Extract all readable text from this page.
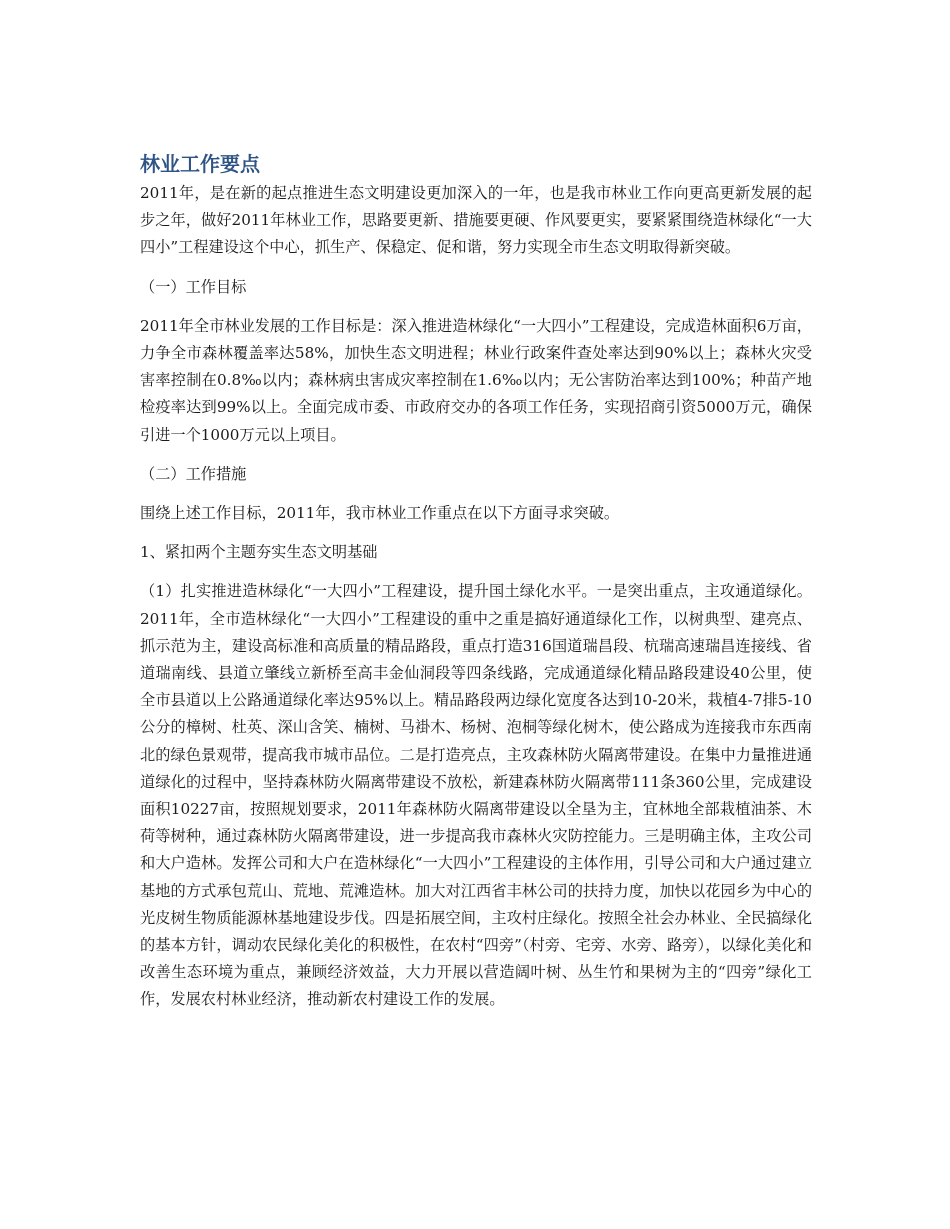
林业工作要点

2011年，是在新的起点推进生态文明建设更加深入的一年，也是我市林业工作向更高更新发展的起步之年，做好2011年林业工作，思路要更新、措施要更硬、作风要更实，要紧紧围绕造林绿化“一大四小”工程建设这个中心，抓生产、保稳定、促和谐，努力实现全市生态文明取得新突破。

（一）工作目标

2011年全市林业发展的工作目标是：深入推进造林绿化“一大四小”工程建设，完成造林面积6万亩，力争全市森林覆盖率达58%，加快生态文明进程；林业行政案件查处率达到90%以上；森林火灾受害率控制在0.8‰以内；森林病虫害成灾率控制在1.6‰以内；无公害防治率达到100%；种苗产地检疫率达到99%以上。全面完成市委、市政府交办的各项工作任务，实现招商引资5000万元，确保引进一个1000万元以上项目。

（二）工作措施

围绕上述工作目标，2011年，我市林业工作重点在以下方面寻求突破。

1、紧扣两个主题夯实生态文明基础

（1）扎实推进造林绿化“一大四小”工程建设，提升国土绿化水平。一是突出重点，主攻通道绿化。2011年，全市造林绿化“一大四小”工程建设的重中之重是搞好通道绿化工作，以树典型、建亮点、抓示范为主，建设高标准和高质量的精品路段，重点打造316国道瑞昌段、杭瑞高速瑞昌连接线、省道瑞南线、县道立肇线立新桥至高丰金仙洞段等四条线路，完成通道绿化精品路段建设40公里，使全市县道以上公路通道绿化率达95%以上。精品路段两边绿化宽度各达到10-20米，栽植4-7排5-10公分的樟树、杜英、深山含笑、楠树、马褂木、杨树、泡桐等绿化树木，使公路成为连接我市东西南北的绿色景观带，提高我市城市品位。二是打造亮点，主攻森林防火隔离带建设。在集中力量推进通道绿化的过程中，坚持森林防火隔离带建设不放松，新建森林防火隔离带111条360公里，完成建设面积10227亩，按照规划要求，2011年森林防火隔离带建设以全垦为主，宜林地全部栽植油茶、木荷等树种，通过森林防火隔离带建设，进一步提高我市森林火灾防控能力。三是明确主体，主攻公司和大户造林。发挥公司和大户在造林绿化“一大四小”工程建设的主体作用，引导公司和大户通过建立基地的方式承包荒山、荒地、荒滩造林。加大对江西省丰林公司的扶持力度，加快以花园乡为中心的光皮树生物质能源林基地建设步伐。四是拓展空间，主攻村庄绿化。按照全社会办林业、全民搞绿化的基本方针，调动农民绿化美化的积极性，在农村“四旁”（村旁、宅旁、水旁、路旁），以绿化美化和改善生态环境为重点，兼顾经济效益，大力开展以营造阔叶树、丛生竹和果树为主的“四旁”绿化工作，发展农村林业经济，推动新农村建设工作的发展。
